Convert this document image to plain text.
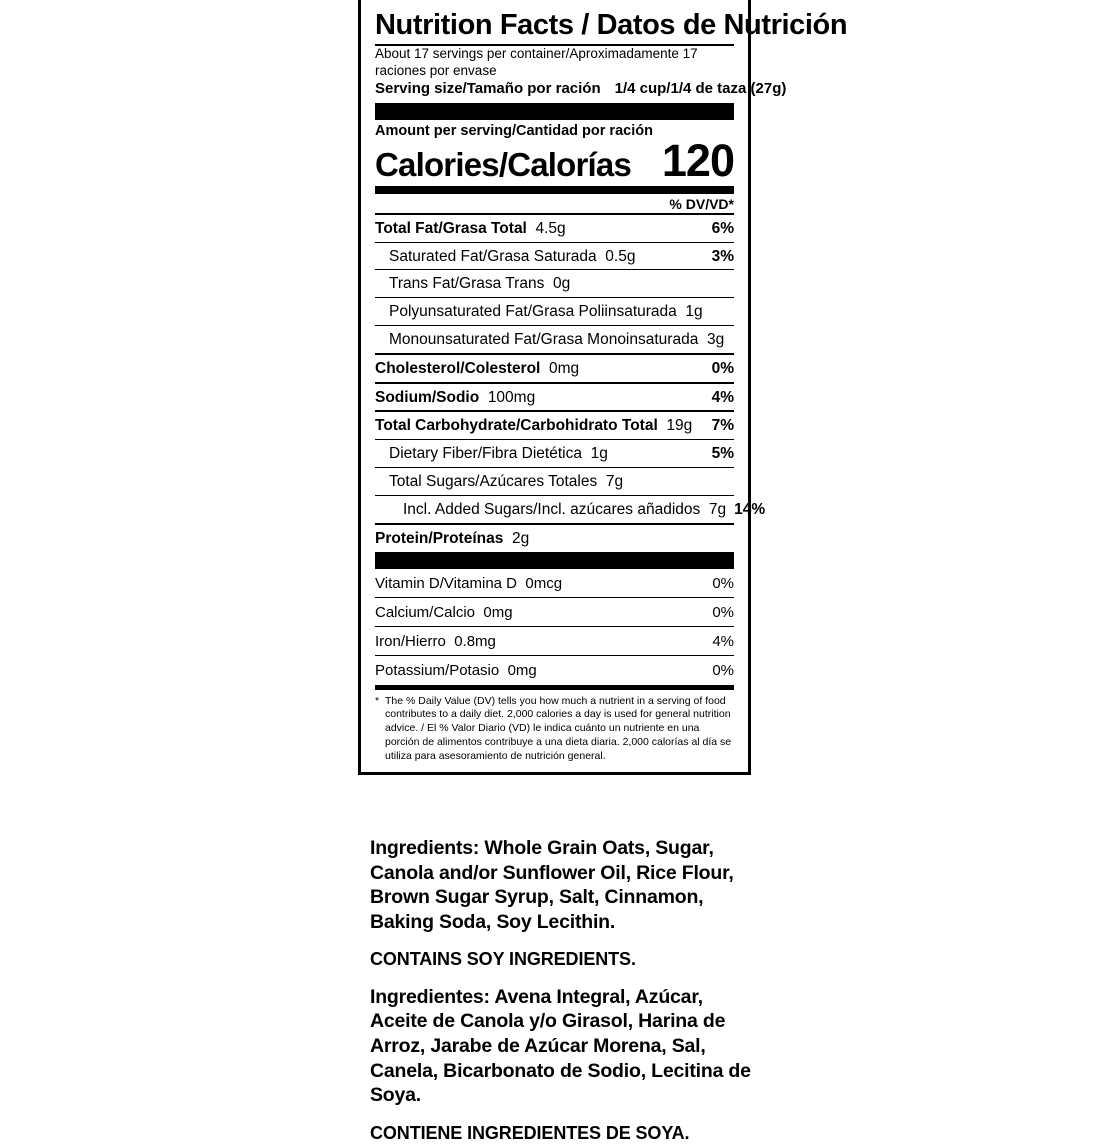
Nutrition Facts / Datos de Nutrición
About 17 servings per container/Aproximadamente 17 raciones por envase
Serving size/Tamaño por ración 1/4 cup/1/4 de taza (27g)
Amount per serving/Cantidad por ración
Calories/Calorías 120
% DV/VD*
Total Fat/Grasa Total 4.5g	6%
Saturated Fat/Grasa Saturada 0.5g	3%
Trans Fat/Grasa Trans 0g
Polyunsaturated Fat/Grasa Poliinsaturada 1g
Monounsaturated Fat/Grasa Monoinsaturada 3g
Cholesterol/Colesterol 0mg	0%
Sodium/Sodio 100mg	4%
Total Carbohydrate/Carbohidrato Total 19g	7%
Dietary Fiber/Fibra Dietética 1g	5%
Total Sugars/Azúcares Totales 7g
Incl. Added Sugars/Incl. azúcares añadidos 7g 14%
Protein/Proteínas 2g
Vitamin D/Vitamina D 0mcg	0%
Calcium/Calcio 0mg	0%
Iron/Hierro 0.8mg	4%
Potassium/Potasio 0mg	0%
* The % Daily Value (DV) tells you how much a nutrient in a serving of food contributes to a daily diet. 2,000 calories a day is used for general nutrition advice. / El % Valor Diario (VD) le indica cuánto un nutriente en una porción de alimentos contribuye a una dieta diaria. 2,000 calorías al día se utiliza para asesoramiento de nutrición general.

Ingredients: Whole Grain Oats, Sugar, Canola and/or Sunflower Oil, Rice Flour, Brown Sugar Syrup, Salt, Cinnamon, Baking Soda, Soy Lecithin.

CONTAINS SOY INGREDIENTS.

Ingredientes: Avena Integral, Azúcar, Aceite de Canola y/o Girasol, Harina de Arroz, Jarabe de Azúcar Morena, Sal, Canela, Bicarbonato de Sodio, Lecitina de Soya.

CONTIENE INGREDIENTES DE SOYA.
